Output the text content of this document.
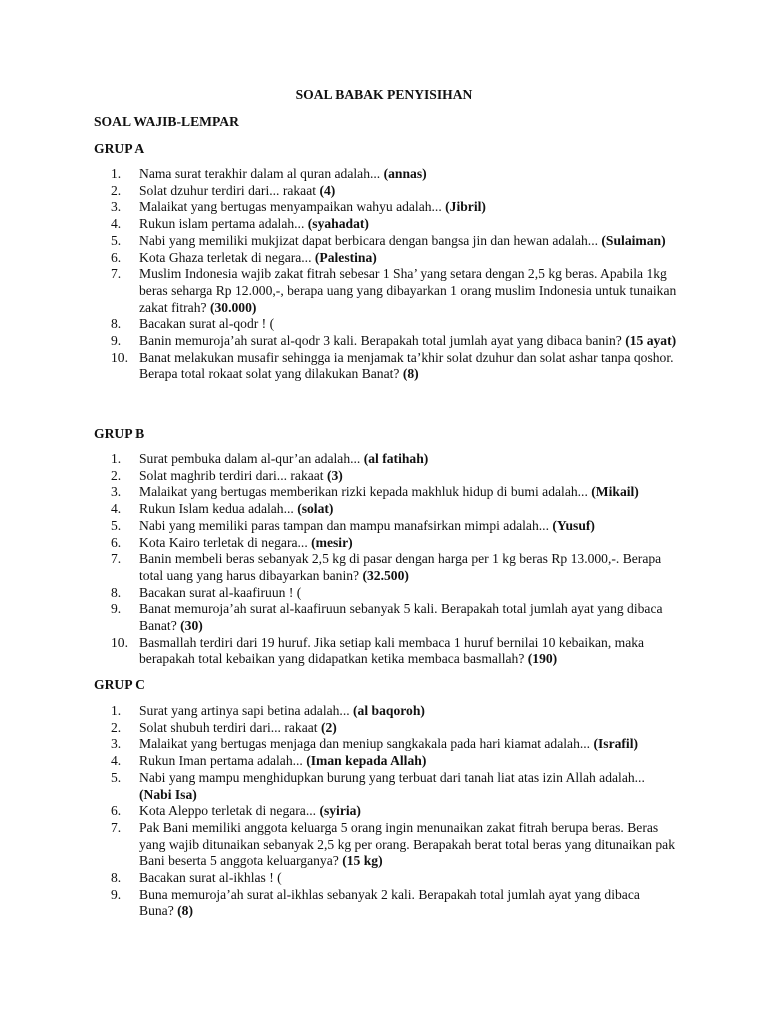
SOAL BABAK PENYISIHAN
SOAL WAJIB-LEMPAR
GRUP A
1.	Nama surat terakhir dalam al quran adalah... (annas)
2.	Solat dzuhur terdiri dari... rakaat (4)
3.	Malaikat yang bertugas menyampaikan wahyu adalah... (Jibril)
4.	Rukun islam pertama adalah... (syahadat)
5.	Nabi yang memiliki mukjizat dapat berbicara dengan bangsa jin dan hewan adalah... (Sulaiman)
6.	Kota Ghaza terletak di negara... (Palestina)
7.	Muslim Indonesia wajib zakat fitrah sebesar 1 Sha’ yang setara dengan 2,5 kg beras. Apabila 1kg beras seharga Rp 12.000,-, berapa uang yang dibayarkan 1 orang muslim Indonesia untuk tunaikan zakat fitrah? (30.000)
8.	Bacakan surat al-qodr ! (
9.	Banin memuroja’ah surat al-qodr 3 kali. Berapakah total jumlah ayat yang dibaca banin? (15 ayat)
10. Banat melakukan musafir sehingga ia menjamak ta’khir solat dzuhur dan solat ashar tanpa qoshor. Berapa total rokaat solat yang dilakukan Banat? (8)
GRUP B
1.	Surat pembuka dalam al-qur’an adalah... (al fatihah)
2.	Solat maghrib terdiri dari... rakaat (3)
3.	Malaikat yang bertugas memberikan rizki kepada makhluk hidup di bumi adalah... (Mikail)
4.	Rukun Islam kedua adalah... (solat)
5.	Nabi yang memiliki paras tampan dan mampu manafsirkan mimpi adalah... (Yusuf)
6.	Kota Kairo terletak di negara... (mesir)
7.	Banin membeli beras sebanyak 2,5 kg di pasar dengan harga per 1 kg beras Rp 13.000,-. Berapa total uang yang harus dibayarkan banin? (32.500)
8.	Bacakan surat al-kaafiruun ! (
9.	Banat memuroja’ah surat al-kaafiruun sebanyak 5 kali. Berapakah total jumlah ayat yang dibaca Banat? (30)
10. Basmallah terdiri dari 19 huruf. Jika setiap kali membaca 1 huruf bernilai 10 kebaikan, maka berapakah total kebaikan yang didapatkan ketika membaca basmallah? (190)
GRUP C
1.	Surat yang artinya sapi betina adalah... (al baqoroh)
2.	Solat shubuh terdiri dari... rakaat (2)
3.	Malaikat yang bertugas menjaga dan meniup sangkakala pada hari kiamat adalah... (Israfil)
4.	Rukun Iman pertama adalah... (Iman kepada Allah)
5.	Nabi yang mampu menghidupkan burung yang terbuat dari tanah liat atas izin Allah adalah... (Nabi Isa)
6.	Kota Aleppo terletak di negara... (syiria)
7.	Pak Bani memiliki anggota keluarga 5 orang ingin menunaikan zakat fitrah berupa beras. Beras yang wajib ditunaikan sebanyak 2,5 kg per orang. Berapakah berat total beras yang ditunaikan pak Bani beserta 5 anggota keluarganya? (15 kg)
8.	Bacakan surat al-ikhlas ! (
9.	Buna memuroja’ah surat al-ikhlas sebanyak 2 kali. Berapakah total jumlah ayat yang dibaca Buna? (8)
